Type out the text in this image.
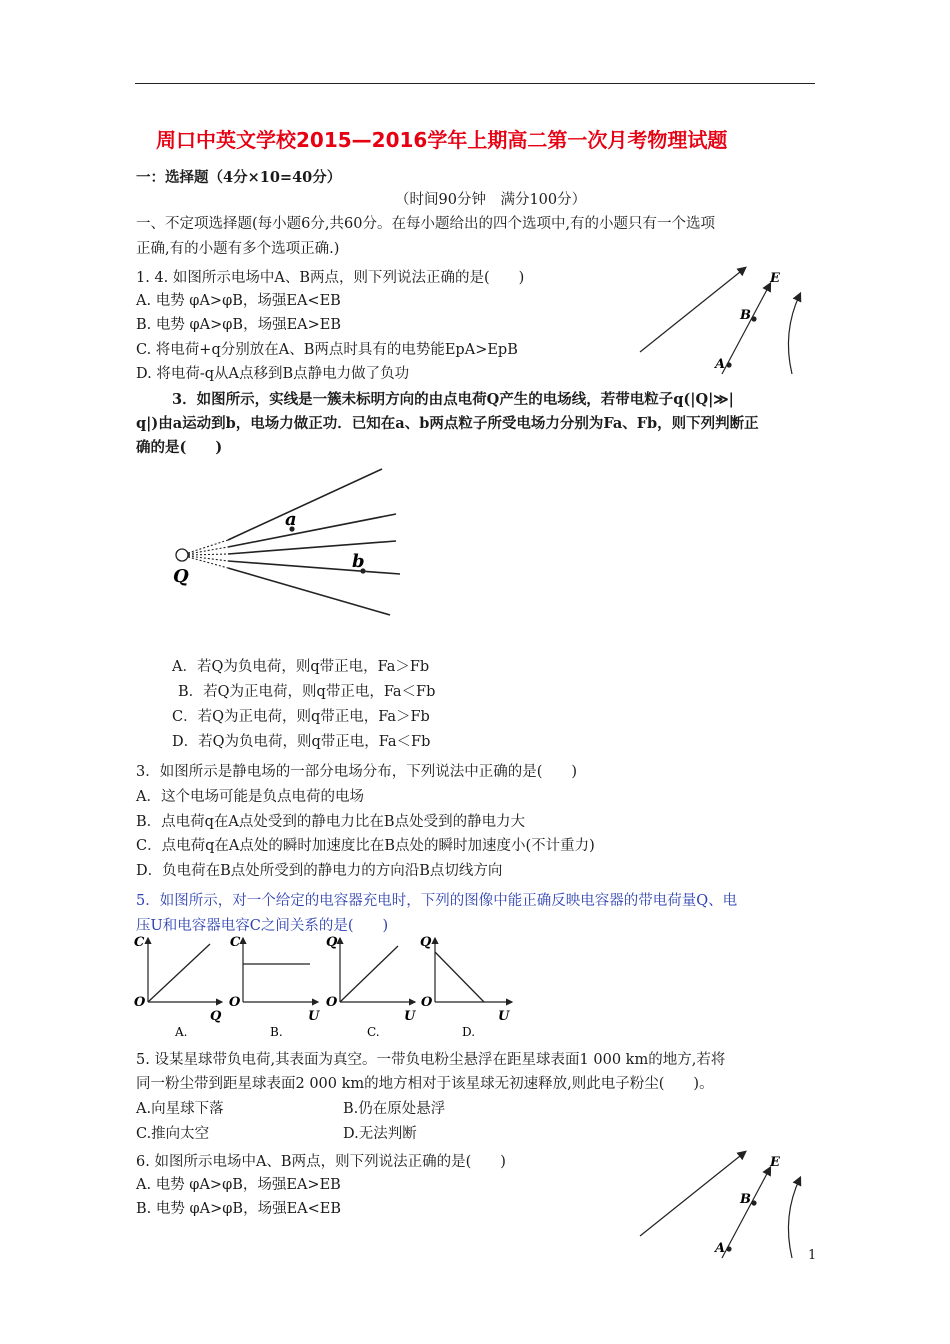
周口中英文学校2015—2016学年上期高二第一次月考物理试题
一：选择题（4分×10=40分）
（时间90分钟　满分100分）
一、不定项选择题(每小题6分,共60分。在每小题给出的四个选项中,有的小题只有一个选项
正确,有的小题有多个选项正确.)
1. 4. 如图所示电场中A、B两点，则下列说法正确的是(　　)
A. 电势 φA>φB，场强EA<EB
B. 电势 φA>φB，场强EA>EB
C. 将电荷+q分别放在A、B两点时具有的电势能EpA>EpB
D. 将电荷-q从A点移到B点静电力做了负功
E
B
A
3．如图所示，实线是一簇未标明方向的由点电荷Q产生的电场线，若带电粒子q(|Q|≫|
q|)由a运动到b，电场力做正功．已知在a、b两点粒子所受电场力分别为Fa、Fb，则下列判断正
确的是(　　)
a
b
Q
A．若Q为负电荷，则q带正电，Fa＞Fb
B．若Q为正电荷，则q带正电，Fa＜Fb
C．若Q为正电荷，则q带正电，Fa＞Fb
D．若Q为负电荷，则q带正电，Fa＜Fb
3．如图所示是静电场的一部分电场分布，下列说法中正确的是(　　)
A．这个电场可能是负点电荷的电场
B．点电荷q在A点处受到的静电力比在B点处受到的静电力大
C．点电荷q在A点处的瞬时加速度比在B点处的瞬时加速度小(不计重力)
D．负电荷在B点处所受到的静电力的方向沿B点切线方向
5．如图所示，对一个给定的电容器充电时，下列的图像中能正确反映电容器的带电荷量Q、电
压U和电容器电容C之间关系的是(　　)
C
O
Q
A.
C
O
U
B.
Q
O
U
C.
Q
O
U
D.
5. 设某星球带负电荷,其表面为真空。一带负电粉尘悬浮在距星球表面1 000 km的地方,若将
同一粉尘带到距星球表面2 000 km的地方相对于该星球无初速释放,则此电子粉尘(　　)。
A.向星球下落	B.仍在原处悬浮
C.推向太空	D.无法判断
6. 如图所示电场中A、B两点，则下列说法正确的是(　　)
A. 电势 φA>φB，场强EA>EB
B. 电势 φA>φB，场强EA<EB
E
B
A	1
